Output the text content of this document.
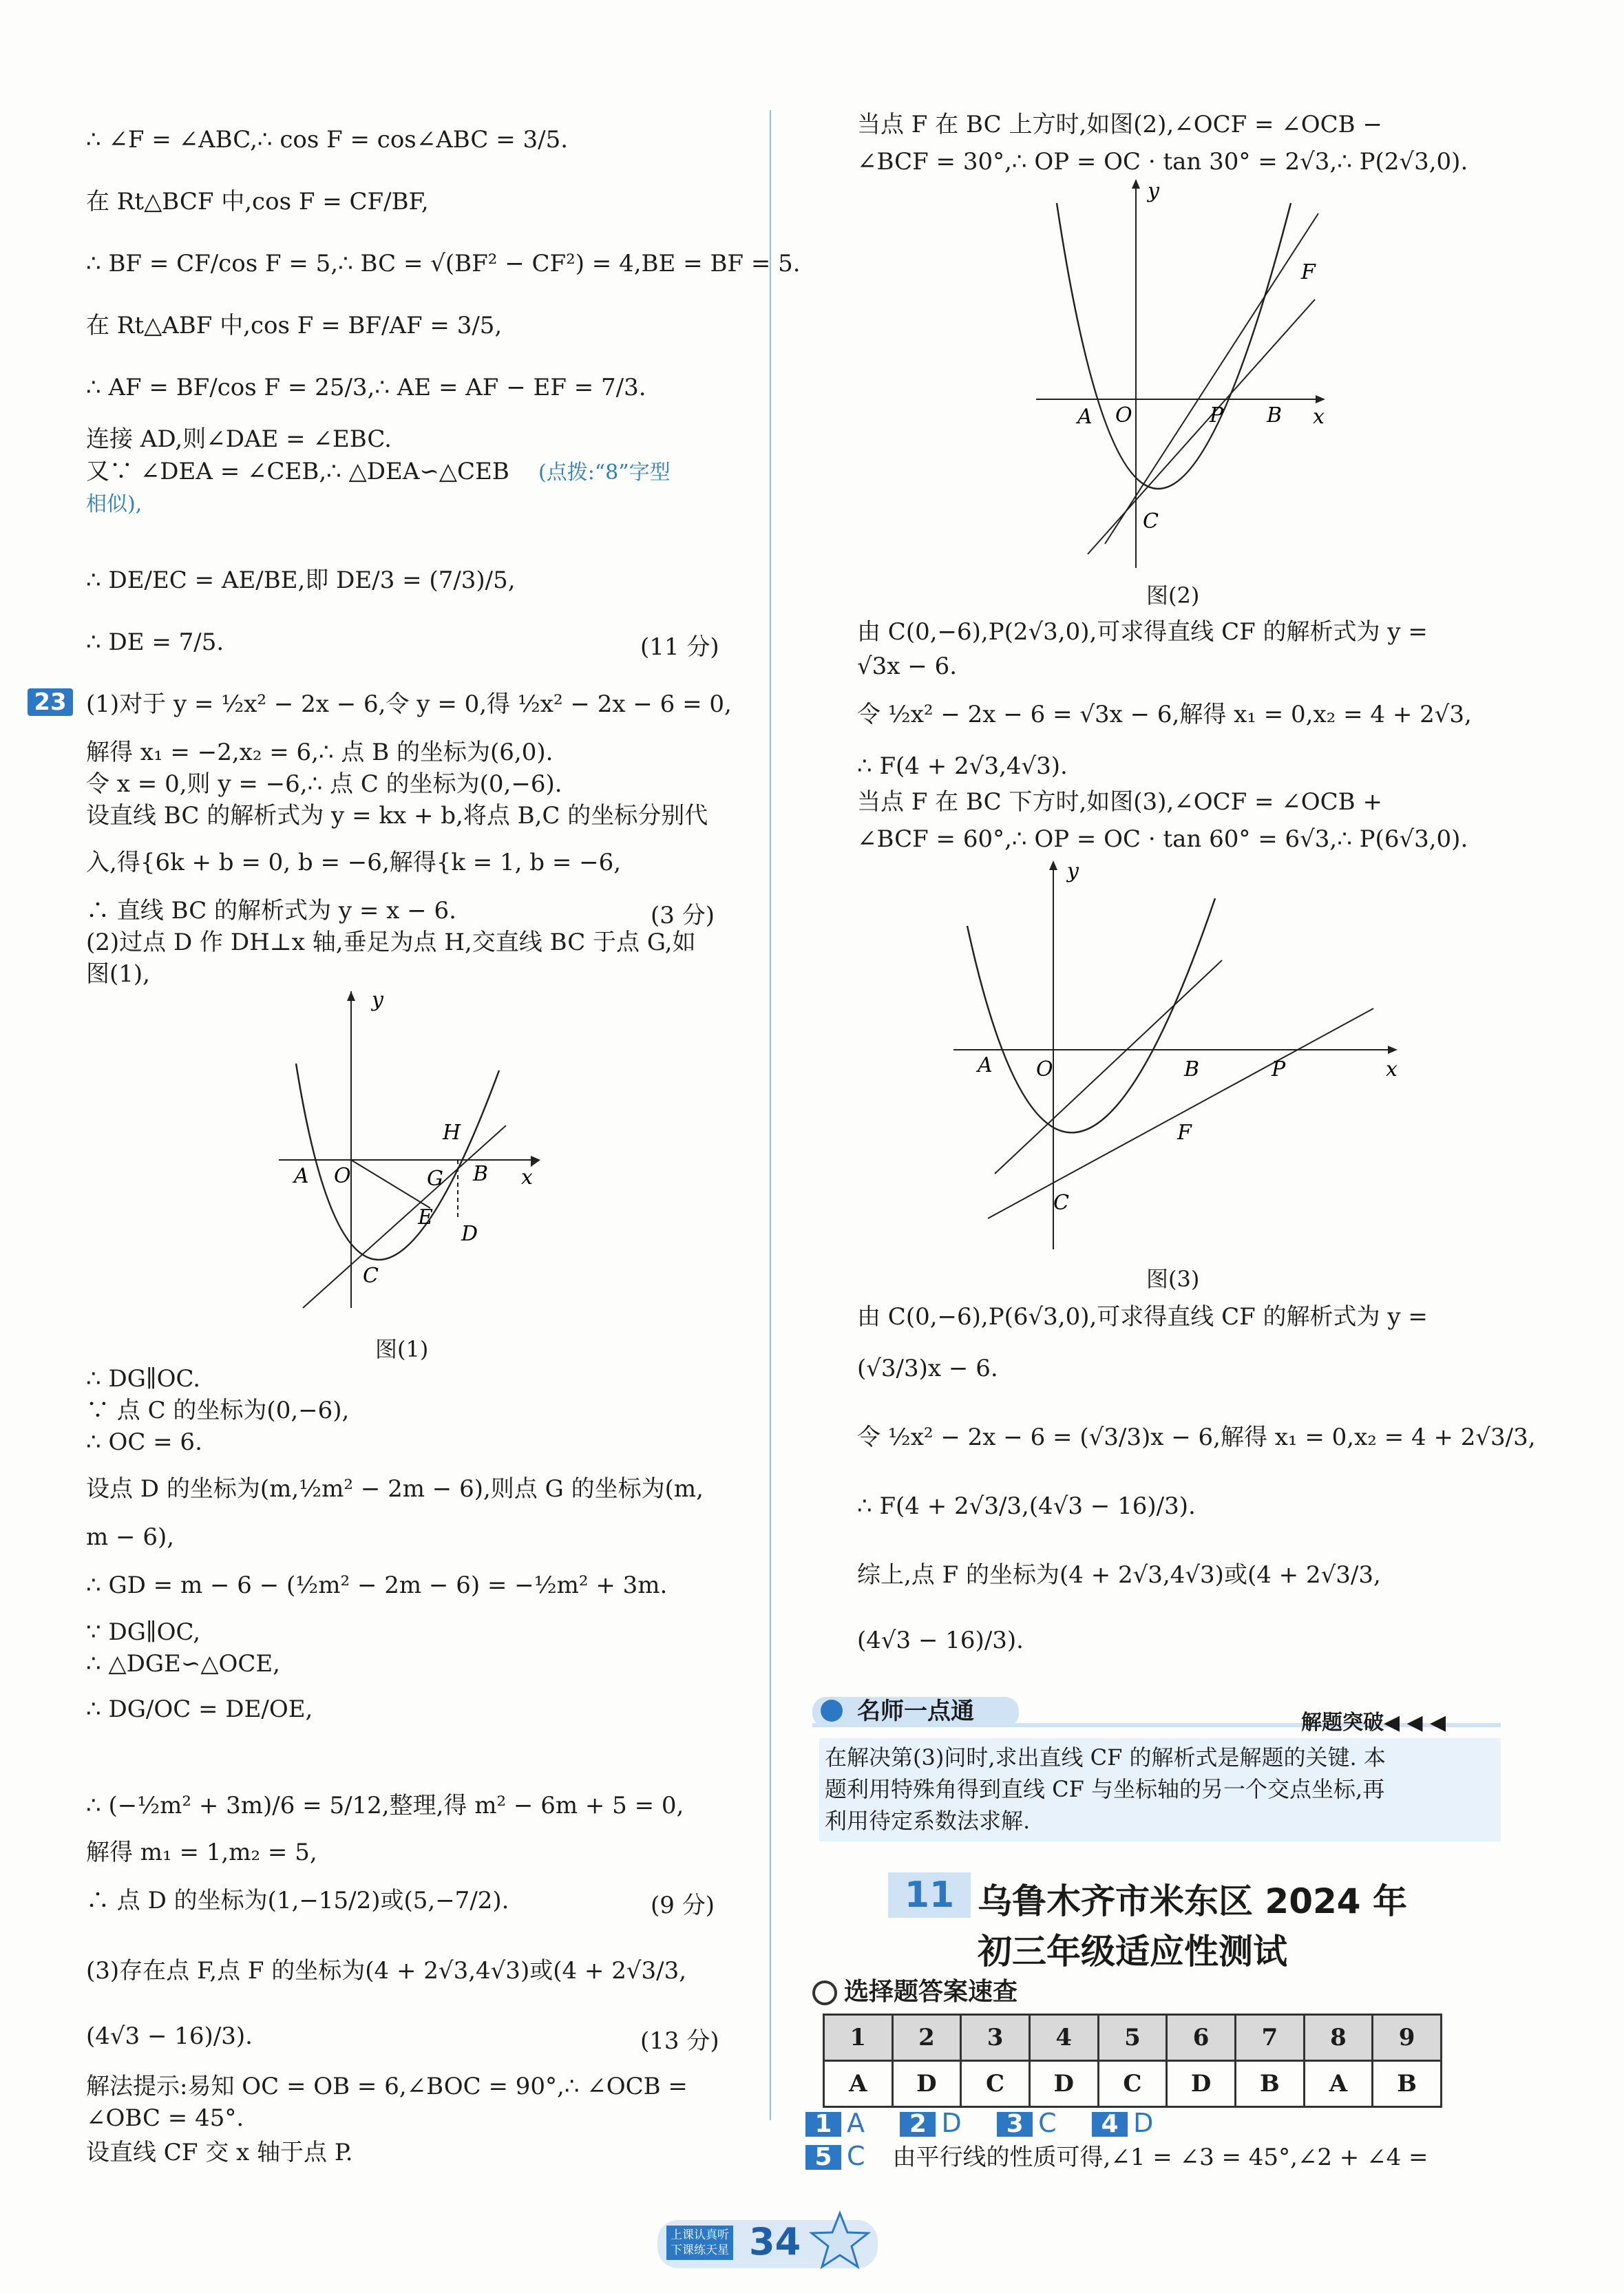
∴ ∠F = ∠ABC,∴ cos F = cos∠ABC = 3/5.
在 Rt△BCF 中,cos F = CF/BF,
∴ BF = CF/cos F = 5,∴ BC = √(BF² − CF²) = 4,BE = BF = 5.
在 Rt△ABF 中,cos F = BF/AF = 3/5,
∴ AF = BF/cos F = 25/3,∴ AE = AF − EF = 7/3.
连接 AD,则∠DAE = ∠EBC.
又∵ ∠DEA = ∠CEB,∴ △DEA∽△CEB (点拨:“8”字型
相似),
∴ DE/EC = AE/BE,即 DE/3 = (7/3)/5,
∴ DE = 7/5.	(11 分)
23 (1)对于 y = ½x² − 2x − 6,令 y = 0,得 ½x² − 2x − 6 = 0,
解得 x₁ = −2,x₂ = 6,∴ 点 B 的坐标为(6,0).
令 x = 0,则 y = −6,∴ 点 C 的坐标为(0,−6).
设直线 BC 的解析式为 y = kx + b,将点 B,C 的坐标分别代
入,得{6k + b = 0, b = −6,解得{k = 1, b = −6,
∴ 直线 BC 的解析式为 y = x − 6.	(3 分)
(2)过点 D 作 DH⊥x 轴,垂足为点 H,交直线 BC 于点 G,如
图(1),
y
x
A O
H
G B
E
D
C
图(1)
∴ DG∥OC.
∵ 点 C 的坐标为(0,−6),
∴ OC = 6.
设点 D 的坐标为(m,½m² − 2m − 6),则点 G 的坐标为(m,
m − 6),
∴ GD = m − 6 − (½m² − 2m − 6) = −½m² + 3m.
∵ DG∥OC,
∴ △DGE∽△OCE,
∴ DG/OC = DE/OE,
∴ (−½m² + 3m)/6 = 5/12,整理,得 m² − 6m + 5 = 0,
解得 m₁ = 1,m₂ = 5,
∴ 点 D 的坐标为(1,−15/2)或(5,−7/2).	(9 分)
(3)存在点 F,点 F 的坐标为(4 + 2√3,4√3)或(4 + 2√3/3,
(4√3 − 16)/3).	(13 分)
解法提示:易知 OC = OB = 6,∠BOC = 90°,∴ ∠OCB =
∠OBC = 45°.
设直线 CF 交 x 轴于点 P.
当点 F 在 BC 上方时,如图(2),∠OCF = ∠OCB −
∠BCF = 30°,∴ OP = OC · tan 30° = 2√3,∴ P(2√3,0).
y
x
A O	P B
F
C
图(2)
由 C(0,−6),P(2√3,0),可求得直线 CF 的解析式为 y =
√3x − 6.
令 ½x² − 2x − 6 = √3x − 6,解得 x₁ = 0,x₂ = 4 + 2√3,
∴ F(4 + 2√3,4√3).
当点 F 在 BC 下方时,如图(3),∠OCF = ∠OCB +
∠BCF = 60°,∴ OP = OC · tan 60° = 6√3,∴ P(6√3,0).
y
x
A O	B	P
F
C
图(3)
由 C(0,−6),P(6√3,0),可求得直线 CF 的解析式为 y =
(√3/3)x − 6.
令 ½x² − 2x − 6 = (√3/3)x − 6,解得 x₁ = 0,x₂ = 4 + 2√3/3,
∴ F(4 + 2√3/3,(4√3 − 16)/3).
综上,点 F 的坐标为(4 + 2√3,4√3)或(4 + 2√3/3,
(4√3 − 16)/3).
名师一点通	解题突破◀ ◀ ◀
在解决第(3)问时,求出直线 CF 的解析式是解题的关键. 本
题利用特殊角得到直线 CF 与坐标轴的另一个交点坐标,再
利用待定系数法求解.
11 乌鲁木齐市米东区 2024 年
初三年级适应性测试
选择题答案速查
1	2	3	4	5	6	7	8	9
A	D	C	D	C	D	B	A	B
1 A 2 D 3 C 4 D
5 C 由平行线的性质可得,∠1 = ∠3 = 45°,∠2 + ∠4 =
上课认真听
下课练天星 34
